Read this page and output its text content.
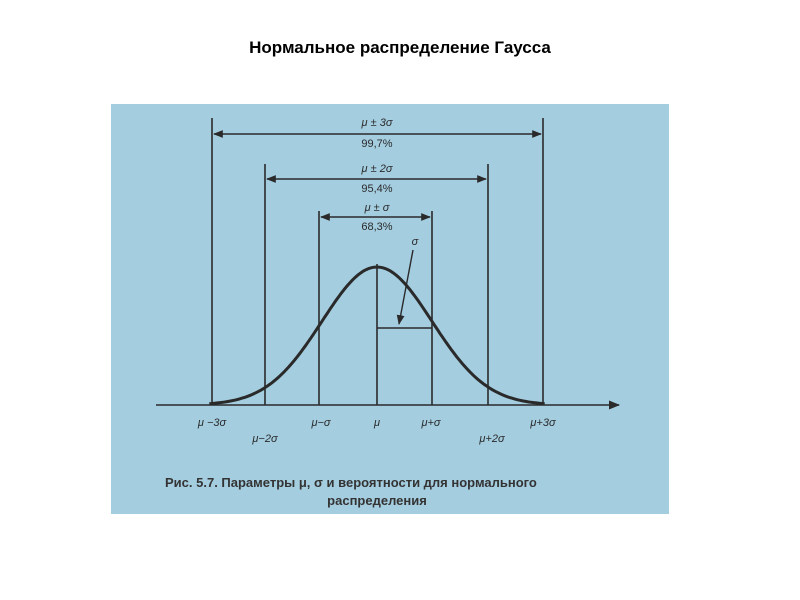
Нормальное распределение Гаусса
μ ± 3σ
99,7%
μ ± 2σ
95,4%
μ ± σ
68,3%
σ
μ −3σ
μ−2σ
μ−σ	μ	μ+σ
μ+2σ
μ+3σ
Рис. 5.7. Параметры μ, σ и вероятности для нормального
распределения
